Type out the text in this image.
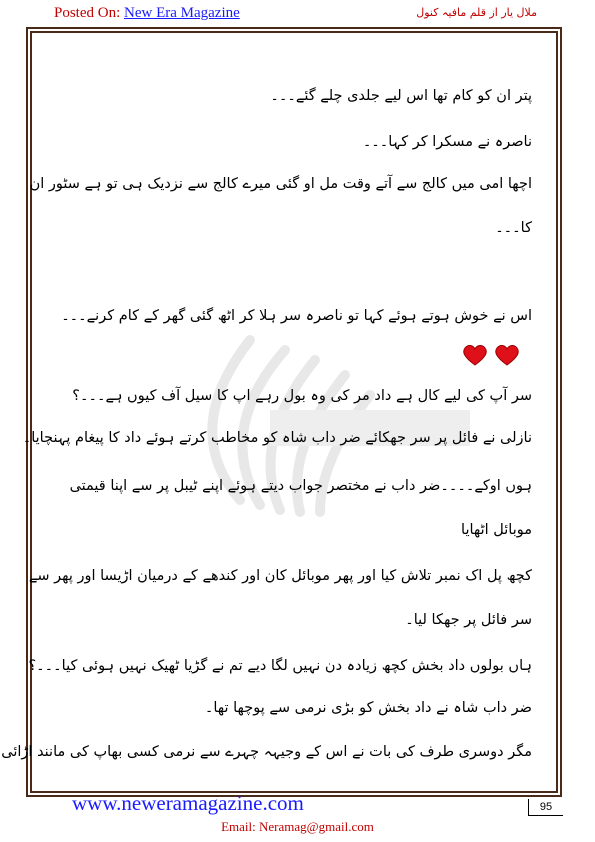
Posted On: New Era Magazine	ملال یار از قلم مافیہ کنول
پتر ان کو کام تھا اس لیے جلدی چلے گئے۔۔۔
ناصرہ نے مسکرا کر کہا۔۔۔
اچھا امی میں کالج سے آتے وقت مل او گئی میرے کالج سے نزدیک ہی تو ہے سٹور ان
کا۔۔۔
اس نے خوش ہوتے ہوئے کہا تو ناصرہ سر ہلا کر اٹھ گئی گھر کے کام کرنے۔۔۔
سر آپ کی لیے کال ہے داد مر کی وہ بول رہے اپ کا سیل آف کیوں ہے۔۔۔؟
نازلی نے فائل پر سر جھکائے ضر داب شاہ کو مخاطب کرتے ہوئے داد کا پیغام پہنچایا۔
ہوں اوکے۔۔۔۔ضر داب نے مختصر جواب دیتے ہوئے اپنے ٹیبل پر سے اپنا قیمتی
موبائل اٹھایا
کچھ پل اک نمبر تلاش کیا اور پھر موبائل کان اور کندھے کے درمیان اڑیسا اور پھر سے
سر فائل پر جھکا لیا۔
ہاں بولوں داد بخش کچھ زیادہ دن نہیں لگا دیے تم نے گڑیا ٹھیک نہیں ہوئی کیا۔۔۔؟
ضر داب شاہ نے داد بخش کو بڑی نرمی سے پوچھا تھا۔
مگر دوسری طرف کی بات نے اس کے وجیہہ چہرے سے نرمی کسی بھاپ کی مانند اڑائی
www.neweramagazine.com	95
Email: Neramag@gmail.com
